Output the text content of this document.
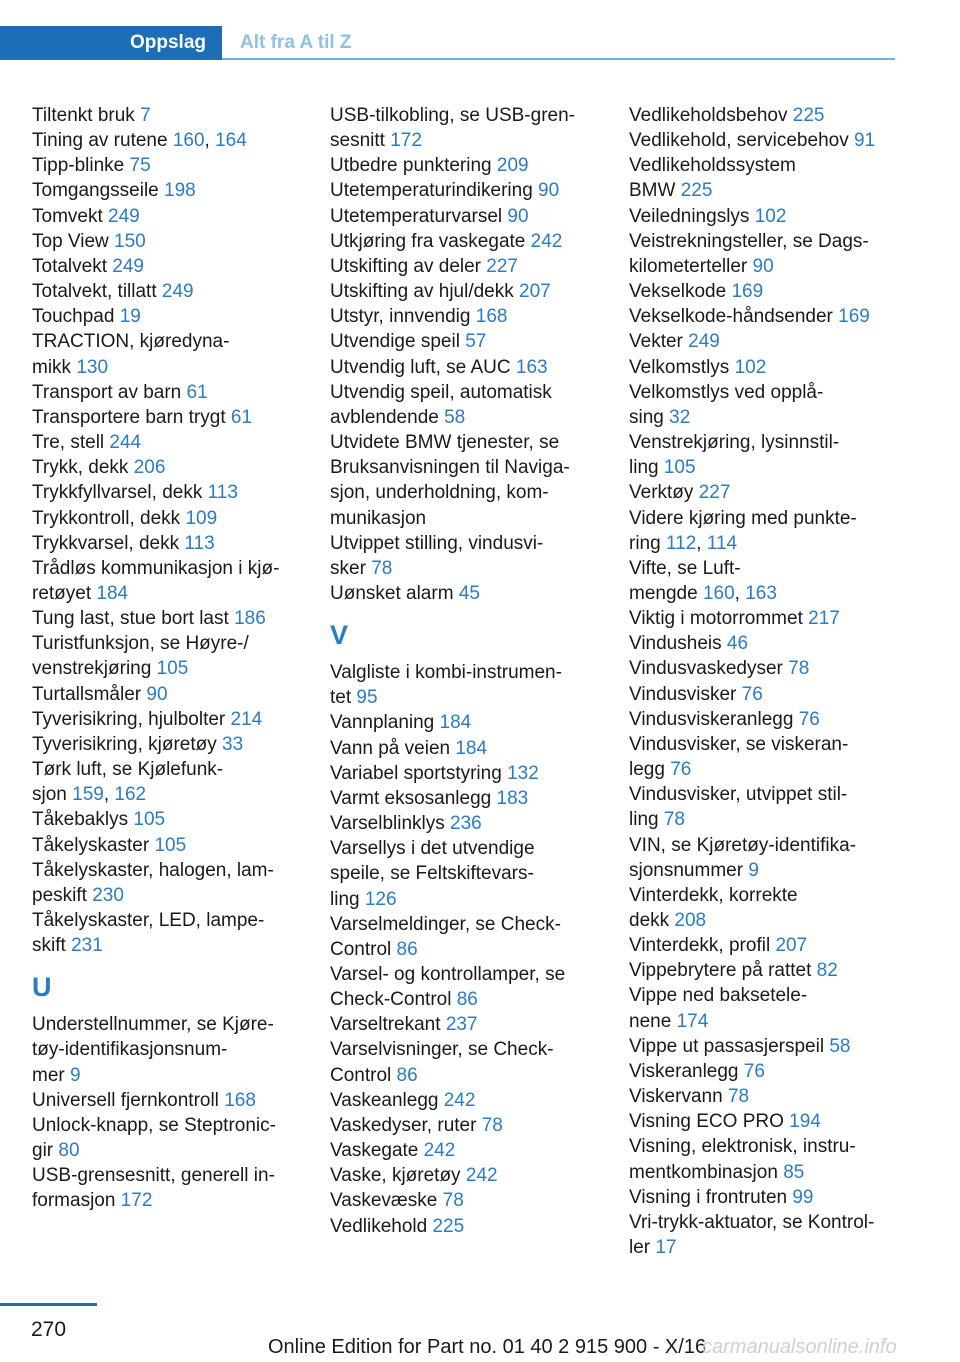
Oppslag	Alt fra A til Z
Tiltenkt bruk 7
Tining av rutene 160, 164
Tipp-blinke 75
Tomgangsseile 198
Tomvekt 249
Top View 150
Totalvekt 249
Totalvekt, tillatt 249
Touchpad 19
TRACTION, kjøredyna-
mikk 130
Transport av barn 61
Transportere barn trygt 61
Tre, stell 244
Trykk, dekk 206
Trykkfyllvarsel, dekk 113
Trykkontroll, dekk 109
Trykkvarsel, dekk 113
Trådløs kommunikasjon i kjø-
retøyet 184
Tung last, stue bort last 186
Turistfunksjon, se Høyre-/
venstrekjøring 105
Turtallsmåler 90
Tyverisikring, hjulbolter 214
Tyverisikring, kjøretøy 33
Tørk luft, se Kjølefunk-
sjon 159, 162
Tåkebaklys 105
Tåkelyskaster 105
Tåkelyskaster, halogen, lam-
peskift 230
Tåkelyskaster, LED, lampe-
skift 231
U
Understellnummer, se Kjøre-
tøy-identifikasjonsnum-
mer 9
Universell fjernkontroll 168
Unlock-knapp, se Steptronic-
gir 80
USB-grensesnitt, generell in-
formasjon 172
USB-tilkobling, se USB-gren-
sesnitt 172
Utbedre punktering 209
Utetemperaturindikering 90
Utetemperaturvarsel 90
Utkjøring fra vaskegate 242
Utskifting av deler 227
Utskifting av hjul/dekk 207
Utstyr, innvendig 168
Utvendige speil 57
Utvendig luft, se AUC 163
Utvendig speil, automatisk
avblendende 58
Utvidete BMW tjenester, se
Bruksanvisningen til Naviga-
sjon, underholdning, kom-
munikasjon
Utvippet stilling, vindusvi-
sker 78
Uønsket alarm 45
V
Valgliste i kombi-instrumen-
tet 95
Vannplaning 184
Vann på veien 184
Variabel sportstyring 132
Varmt eksosanlegg 183
Varselblinklys 236
Varsellys i det utvendige
speile, se Feltskiftevars-
ling 126
Varselmeldinger, se Check-
Control 86
Varsel- og kontrollamper, se
Check-Control 86
Varseltrekant 237
Varselvisninger, se Check-
Control 86
Vaskeanlegg 242
Vaskedyser, ruter 78
Vaskegate 242
Vaske, kjøretøy 242
Vaskevæske 78
Vedlikehold 225
Vedlikeholdsbehov 225
Vedlikehold, servicebehov 91
Vedlikeholdssystem
BMW 225
Veiledningslys 102
Veistrekningsteller, se Dags-
kilometerteller 90
Vekselkode 169
Vekselkode-håndsender 169
Vekter 249
Velkomstlys 102
Velkomstlys ved opplå-
sing 32
Venstrekjøring, lysinnstil-
ling 105
Verktøy 227
Videre kjøring med punkte-
ring 112, 114
Vifte, se Luft-
mengde 160, 163
Viktig i motorrommet 217
Vindusheis 46
Vindusvaskedyser 78
Vindusvisker 76
Vindusviskeranlegg 76
Vindusvisker, se viskeran-
legg 76
Vindusvisker, utvippet stil-
ling 78
VIN, se Kjøretøy-identifika-
sjonsnummer 9
Vinterdekk, korrekte
dekk 208
Vinterdekk, profil 207
Vippebrytere på rattet 82
Vippe ned baksetele-
nene 174
Vippe ut passasjerspeil 58
Viskeranlegg 76
Viskervann 78
Visning ECO PRO 194
Visning, elektronisk, instru-
mentkombinasjon 85
Visning i frontruten 99
Vri-trykk-aktuator, se Kontrol-
ler 17
270
Online Edition for Part no. 01 40 2 915 900 - X/16
carmanualsonline.info
